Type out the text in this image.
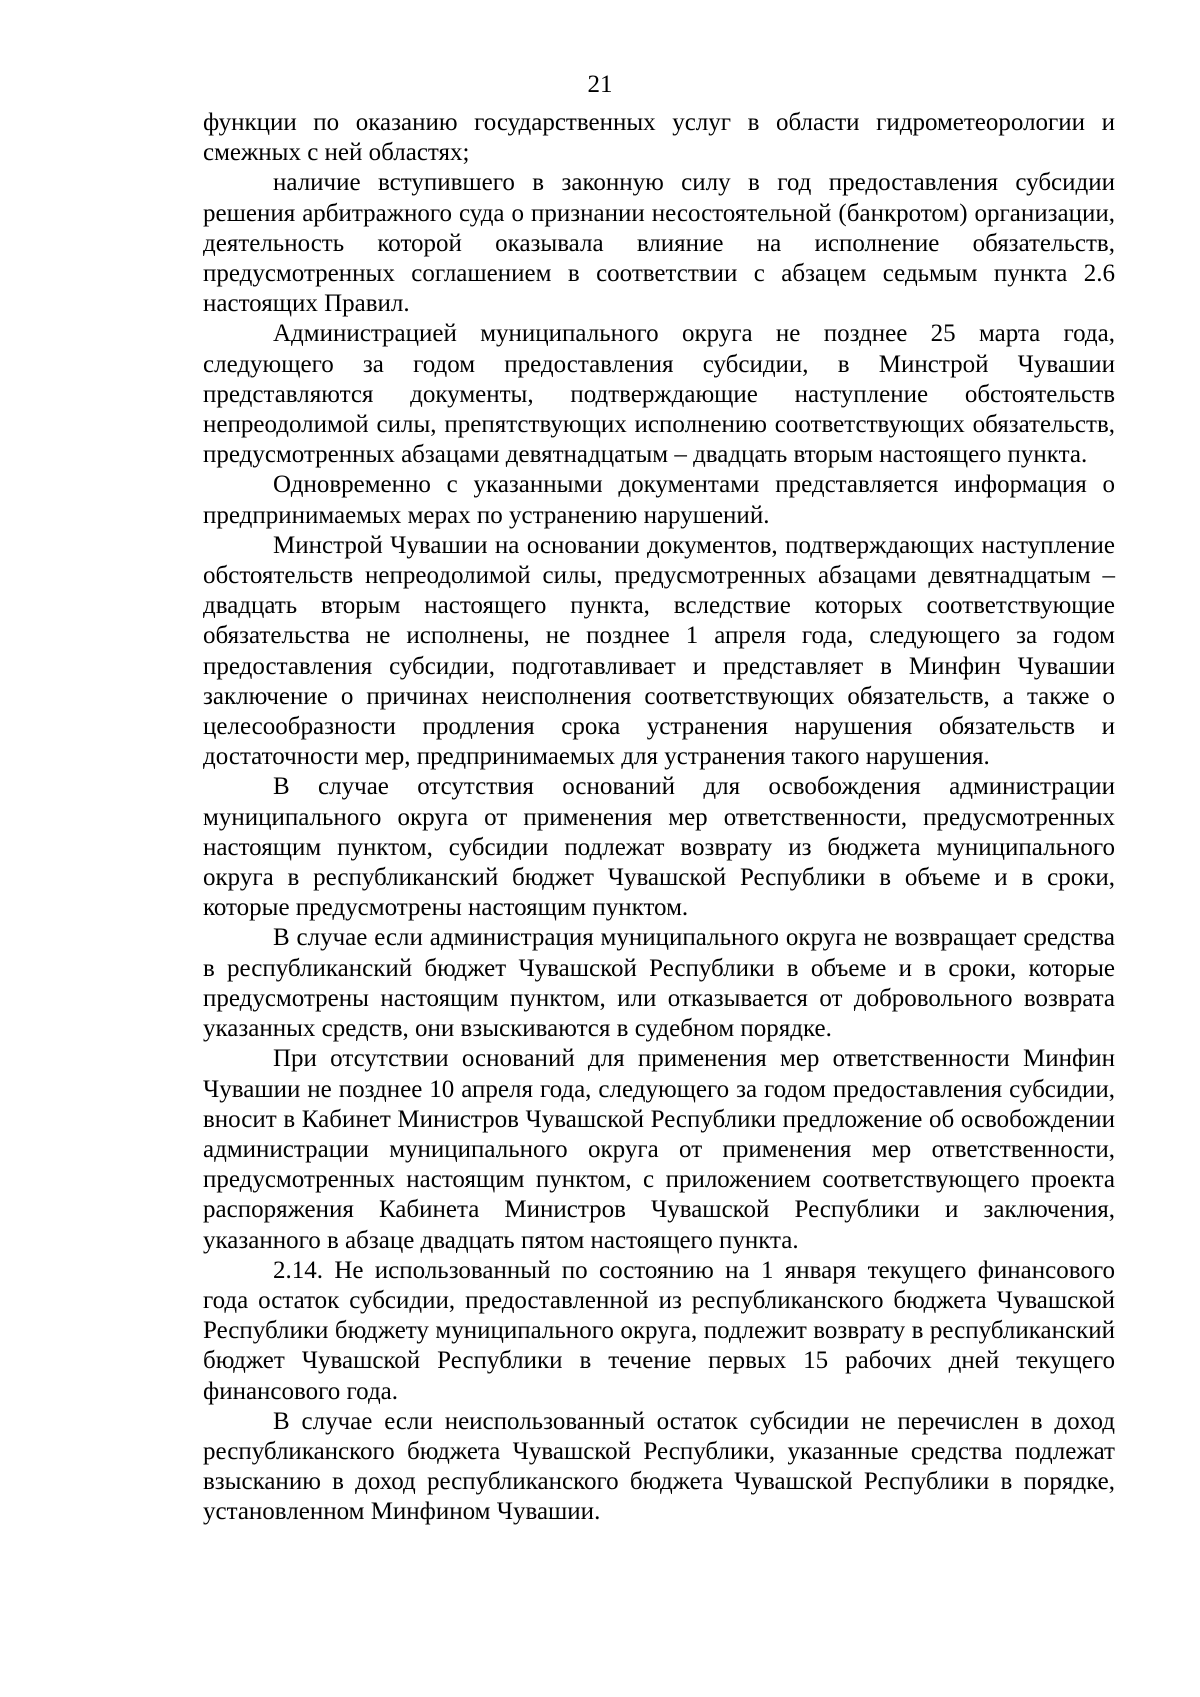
21

функции по оказанию государственных услуг в области гидрометеорологии и смежных с ней областях;

наличие вступившего в законную силу в год предоставления субсидии решения арбитражного суда о признании несостоятельной (банкротом) организации, деятельность которой оказывала влияние на исполнение обязательств, предусмотренных соглашением в соответствии с абзацем седьмым пункта 2.6 настоящих Правил.

Администрацией муниципального округа не позднее 25 марта года, следующего за годом предоставления субсидии, в Минстрой Чувашии представляются документы, подтверждающие наступление обстоятельств непреодолимой силы, препятствующих исполнению соответствующих обязательств, предусмотренных абзацами девятнадцатым – двадцать вторым настоящего пункта.

Одновременно с указанными документами представляется информация о предпринимаемых мерах по устранению нарушений.

Минстрой Чувашии на основании документов, подтверждающих наступление обстоятельств непреодолимой силы, предусмотренных абзацами девятнадцатым – двадцать вторым настоящего пункта, вследствие которых соответствующие обязательства не исполнены, не позднее 1 апреля года, следующего за годом предоставления субсидии, подготавливает и представляет в Минфин Чувашии заключение о причинах неисполнения соответствующих обязательств, а также о целесообразности продления срока устранения нарушения обязательств и достаточности мер, предпринимаемых для устранения такого нарушения.

В случае отсутствия оснований для освобождения администрации муниципального округа от применения мер ответственности, предусмотренных настоящим пунктом, субсидии подлежат возврату из бюджета муниципального округа в республиканский бюджет Чувашской Республики в объеме и в сроки, которые предусмотрены настоящим пунктом.

В случае если администрация муниципального округа не возвращает средства в республиканский бюджет Чувашской Республики в объеме и в сроки, которые предусмотрены настоящим пунктом, или отказывается от добровольного возврата указанных средств, они взыскиваются в судебном порядке.

При отсутствии оснований для применения мер ответственности Минфин Чувашии не позднее 10 апреля года, следующего за годом предоставления субсидии, вносит в Кабинет Министров Чувашской Республики предложение об освобождении администрации муниципального округа от применения мер ответственности, предусмотренных настоящим пунктом, с приложением соответствующего проекта распоряжения Кабинета Министров Чувашской Республики и заключения, указанного в абзаце двадцать пятом настоящего пункта.

2.14. Не использованный по состоянию на 1 января текущего финансового года остаток субсидии, предоставленной из республиканского бюджета Чувашской Республики бюджету муниципального округа, подлежит возврату в республиканский бюджет Чувашской Республики в течение первых 15 рабочих дней текущего финансового года.

В случае если неиспользованный остаток субсидии не перечислен в доход республиканского бюджета Чувашской Республики, указанные средства подлежат взысканию в доход республиканского бюджета Чувашской Республики в порядке, установленном Минфином Чувашии.
